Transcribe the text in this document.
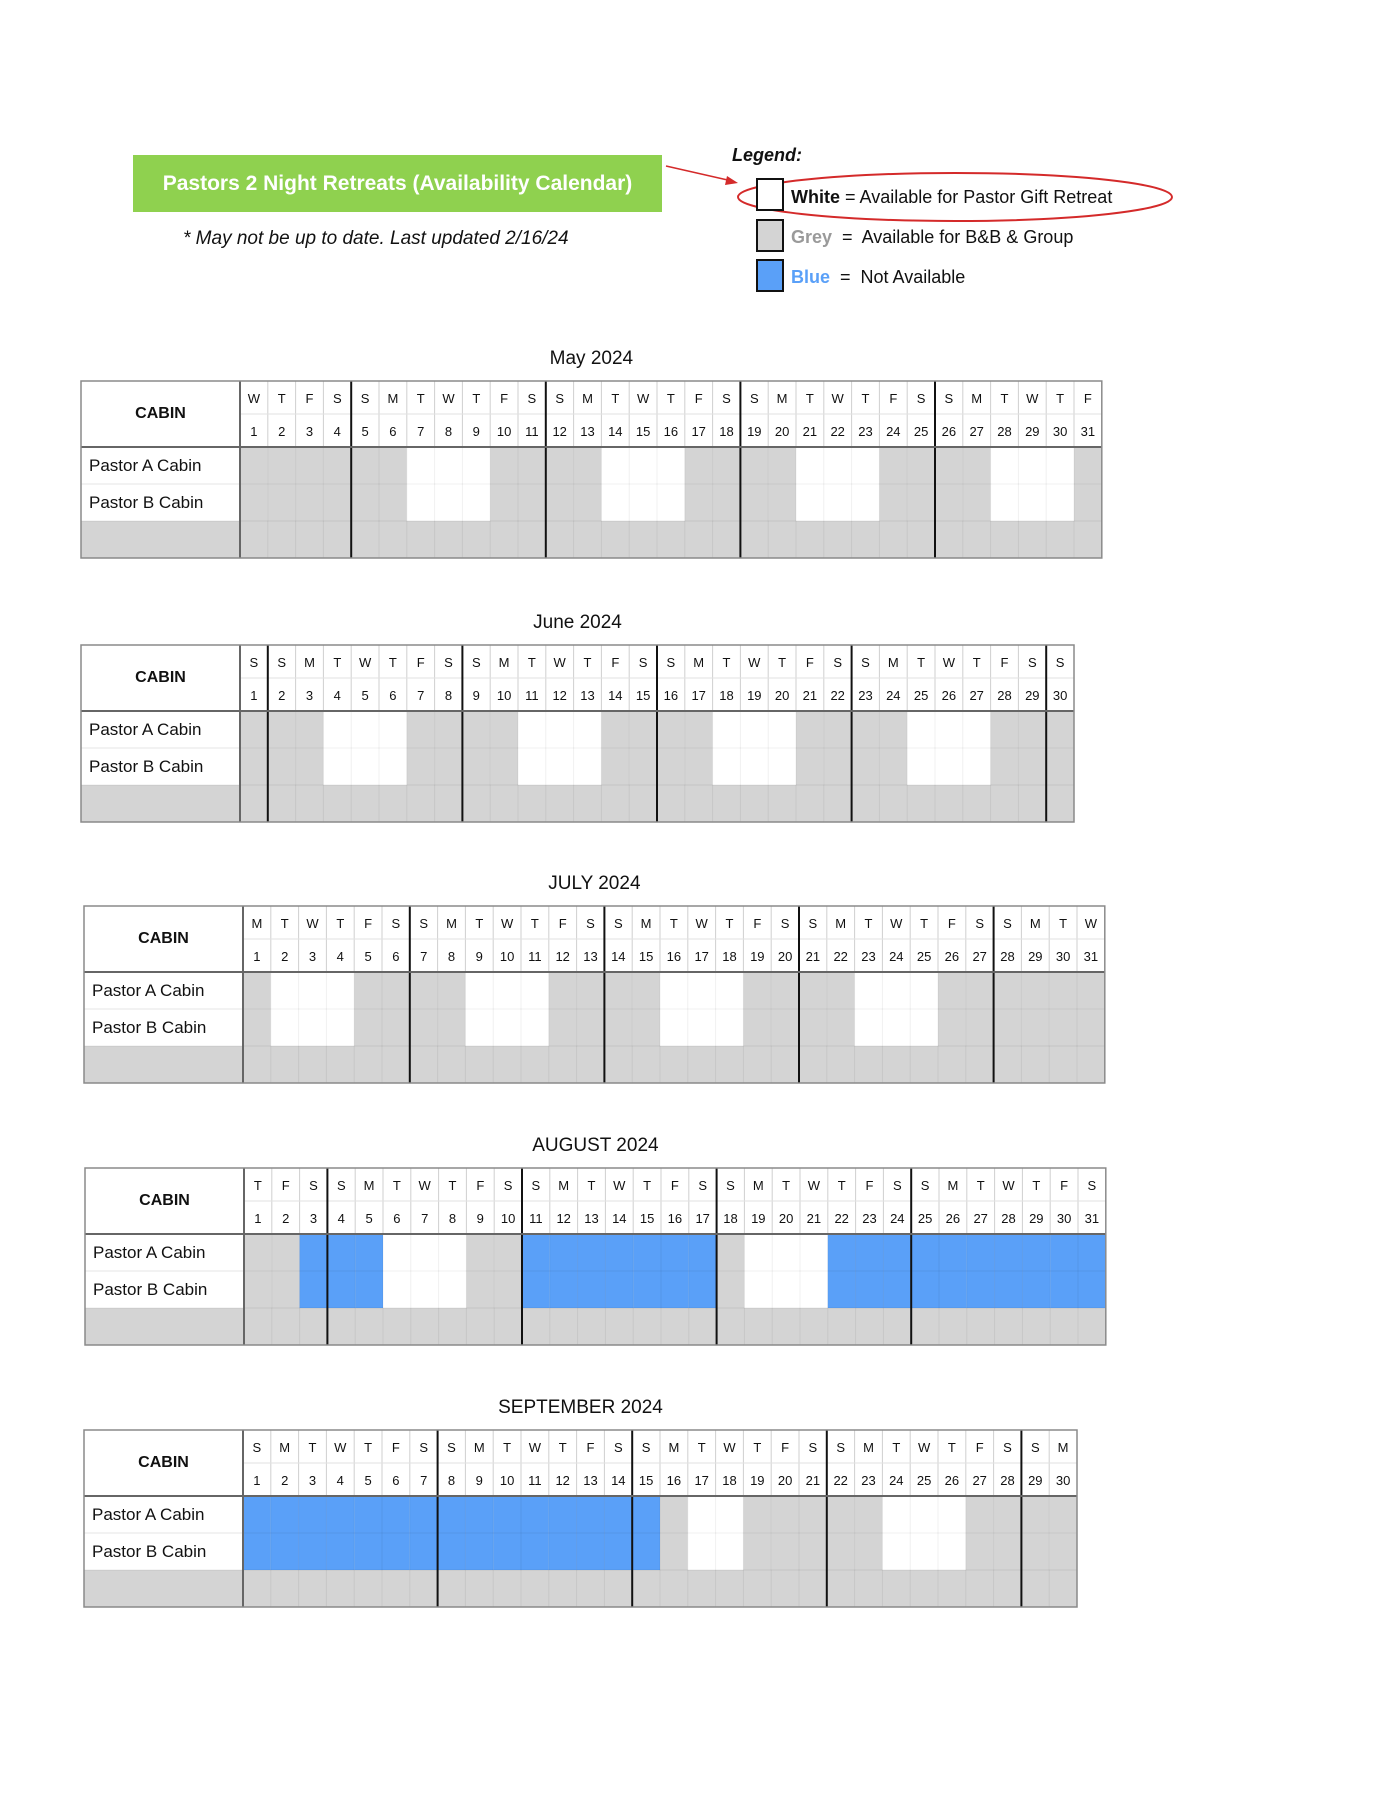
Pastors 2 Night Retreats (Availability Calendar)
* May not be up to date. Last updated 2/16/24
Legend:
White = Available for Pastor Gift Retreat
Grey  =  Available for B&B & Group
Blue  =  Not Available
May 2024
CABIN
Pastor A Cabin
Pastor B Cabin
W
1
T
2
F
3
S
4
S
5
M
6
T
7
W
8
T
9
F
10
S
11
S
12
M
13
T
14
W
15
T
16
F
17
S
18
S
19
M
20
T
21
W
22
T
23
F
24
S
25
S
26
M
27
T
28
W
29
T
30
F
31
June 2024
CABIN
Pastor A Cabin
Pastor B Cabin
S
1
S
2
M
3
T
4
W
5
T
6
F
7
S
8
S
9
M
10
T
11
W
12
T
13
F
14
S
15
S
16
M
17
T
18
W
19
T
20
F
21
S
22
S
23
M
24
T
25
W
26
T
27
F
28
S
29
S
30
JULY 2024
CABIN
Pastor A Cabin
Pastor B Cabin
M
1
T
2
W
3
T
4
F
5
S
6
S
7
M
8
T
9
W
10
T
11
F
12
S
13
S
14
M
15
T
16
W
17
T
18
F
19
S
20
S
21
M
22
T
23
W
24
T
25
F
26
S
27
S
28
M
29
T
30
W
31
AUGUST 2024
CABIN
Pastor A Cabin
Pastor B Cabin
T
1
F
2
S
3
S
4
M
5
T
6
W
7
T
8
F
9
S
10
S
11
M
12
T
13
W
14
T
15
F
16
S
17
S
18
M
19
T
20
W
21
T
22
F
23
S
24
S
25
M
26
T
27
W
28
T
29
F
30
S
31
SEPTEMBER 2024
CABIN
Pastor A Cabin
Pastor B Cabin
S
1
M
2
T
3
W
4
T
5
F
6
S
7
S
8
M
9
T
10
W
11
T
12
F
13
S
14
S
15
M
16
T
17
W
18
T
19
F
20
S
21
S
22
M
23
T
24
W
25
T
26
F
27
S
28
S
29
M
30
